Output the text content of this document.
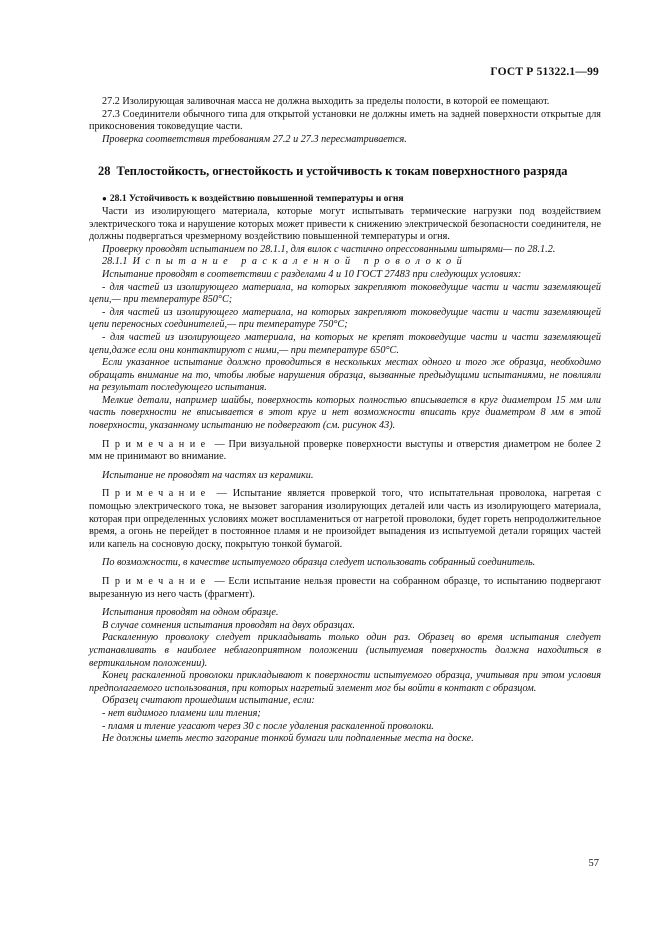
ГОСТ Р 51322.1—99

27.2 Изолирующая заливочная масса не должна выходить за пределы полости, в которой ее помещают.

27.3 Соединители обычного типа для открытой установки не должны иметь на задней поверхности открытые для прикосновения токоведущие части.

Проверка соответствия требованиям 27.2 и 27.3 пересматривается.

28 Теплостойкость, огнестойкость и устойчивость к токам поверхностного разряда

● 28.1 Устойчивость к воздействию повышенной температуры и огня

Части из изолирующего материала, которые могут испытывать термические нагрузки под воздействием электрического тока и нарушение которых может привести к снижению электрической безопасности соединителя, не должны подвергаться чрезмерному воздействию повышенной температуры и огня.

Проверку проводят испытанием по 28.1.1, для вилок с частично опрессованными штырями— по 28.1.2.

28.1.1 Испытание раскаленной проволокой

Испытание проводят в соответствии с разделами 4 и 10 ГОСТ 27483 при следующих условиях:

- для частей из изолирующего материала, на которых закрепляют токоведущие части и части заземляющей цепи,— при температуре 850°С;

- для частей из изолирующего материала, на которых закрепляют токоведущие части и части заземляющей цепи переносных соединителей,— при температуре 750°С;

- для частей из изолирующего материала, на которых не крепят токоведущие части и части заземляющей цепи,даже если они контактируют с ними,— при температуре 650°С.

Если указанное испытание должно проводиться в нескольких местах одного и того же образца, необходимо обращать внимание на то, чтобы любые нарушения образца, вызванные предыдущими испытаниями, не повлияли на результат последующего испытания.

Мелкие детали, например шайбы, поверхность которых полностью вписывается в круг диаметром 15 мм или часть поверхности не вписывается в этот круг и нет возможности вписать круг диаметром 8 мм в этой поверхности, указанному испытанию не подвергают (см. рисунок 43).

Примечание — При визуальной проверке поверхности выступы и отверстия диаметром не более 2 мм не принимают во внимание.

Испытание не проводят на частях из керамики.

Примечание — Испытание является проверкой того, что испытательная проволока, нагретая с помощью электрического тока, не вызовет загорания изолирующих деталей или часть из изолирующего материала, которая при определенных условиях может воспламениться от нагретой проволоки, будет гореть непродолжительное время, а огонь не перейдет в постоянное пламя и не произойдет выпадения из испытуемой детали горящих частей или капель на сосновую доску, покрытую тонкой бумагой.

По возможности, в качестве испытуемого образца следует использовать собранный соединитель.

Примечание — Если испытание нельзя провести на собранном образце, то испытанию подвергают вырезанную из него часть (фрагмент).

Испытания проводят на одном образце.

В случае сомнения испытания проводят на двух образцах.

Раскаленную проволоку следует прикладывать только один раз. Образец во время испытания следует устанавливать в наиболее неблагоприятном положении (испытуемая поверхность должна находиться в вертикальном положении).

Конец раскаленной проволоки прикладывают к поверхности испытуемого образца, учитывая при этом условия предполагаемого использования, при которых нагретый элемент мог бы войти в контакт с образцом.

Образец считают прошедшим испытание, если:

- нет видимого пламени или тления;

- пламя и тление угасают через 30 с после удаления раскаленной проволоки.

Не должны иметь место загорание тонкой бумаги или подпаленные места на доске.

57
